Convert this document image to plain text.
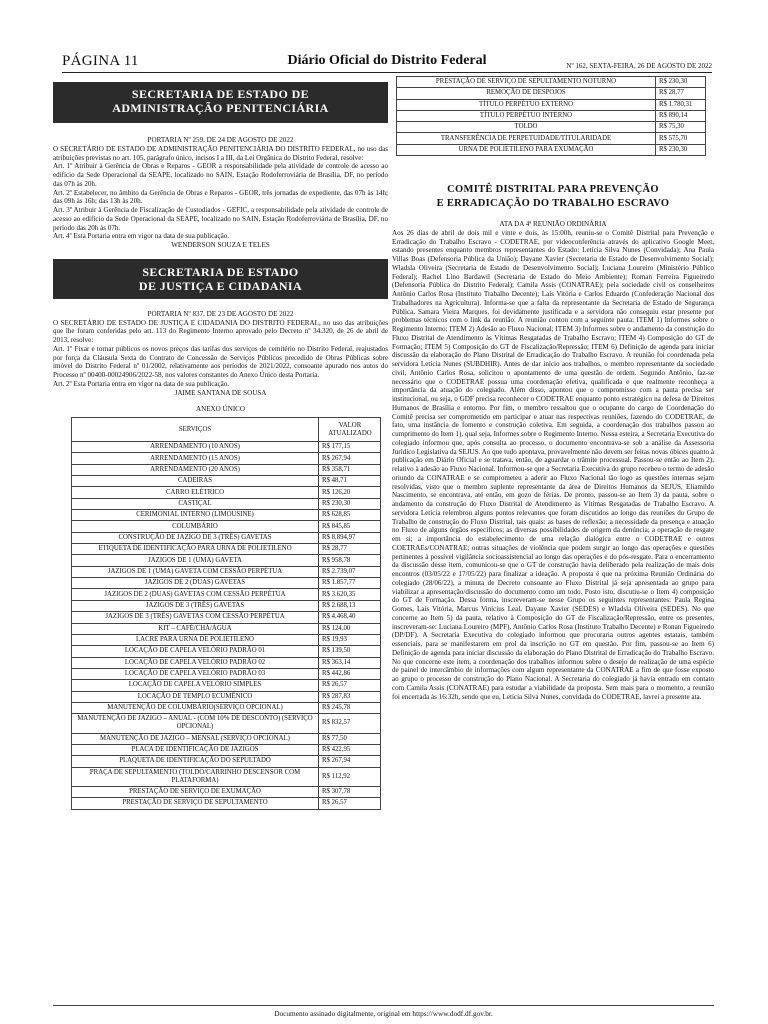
PÁGINA 11	Diário Oficial do Distrito Federal	Nº 162, SEXTA-FEIRA, 26 DE AGOSTO DE 2022
SECRETARIA DE ESTADO DE
ADMINISTRAÇÃO PENITENCIÁRIA

PORTARIA Nº 259, DE 24 DE AGOSTO DE 2022

O SECRETÁRIO DE ESTADO DE ADMINISTRAÇÃO PENITENCIÁRIA DO DISTRITO FEDERAL, no uso das atribuições previstas no art. 105, parágrafo único, incisos I a III, da Lei Orgânica do Distrito Federal, resolve:

Art. 1º Atribuir à Gerência de Obras e Reparos - GEOR a responsabilidade pela atividade de controle de acesso ao edifício da Sede Operacional da SEAPE, localizado no SAIN, Estação Rodoferroviária de Brasília, DF, no período das 07h às 20h.

Art. 2º Estabelecer, no âmbito da Gerência de Obras e Reparos - GEOR, três jornadas de expediente, das 07h às 14h; das 09h às 16h; das 13h às 20h.

Art. 3º Atribuir à Gerência de Fiscalização de Custodiados - GEFIC, a responsabilidade pela atividade de controle de acesso ao edifício da Sede Operacional da SEAPE, localizado no SAIN, Estação Rodoferroviária de Brasília, DF, no período das 20h às 07h.

Art. 4º Esta Portaria entra em vigor na data de sua publicação.

WENDERSON SOUZA E TELES

SECRETARIA DE ESTADO
DE JUSTIÇA E CIDADANIA

PORTARIA Nº 837, DE 23 DE AGOSTO DE 2022

O SECRETÁRIO DE ESTADO DE JUSTIÇA E CIDADANIA DO DISTRITO FEDERAL, no uso das atribuições que lhe foram conferidas pelo art. 113 do Regimento Interno aprovado pelo Decreto nº 34.320, de 26 de abril de 2013, resolve:

Art. 1º Fixar e tornar públicos os novos preços das tarifas dos serviços de cemitério no Distrito Federal, reajustados por força da Cláusula Sexta do Contrato de Concessão de Serviços Públicos precedido de Obras Públicas sobre imóvel do Distrito Federal nº 01/2002, relativamente aos períodos de 2021/2022, consoante apurado nos autos do Processo nº 00400-00024906/2022-58, nos valores constantes do Anexo Único desta Portaria.

Art. 2º Esta Portaria entra em vigor na data de sua publicação.

JAIME SANTANA DE SOUSA

ANEXO ÚNICO

SERVIÇOS	VALOR ATUALIZADO
ARRENDAMENTO (10 ANOS)	R$ 177,15
ARRENDAMENTO (15 ANOS)	R$ 267,94
ARRENDAMENTO (20 ANOS)	R$ 358,71
CADEIRAS	R$ 48,71
CARRO ELÉTRICO	R$ 126,20
CASTIÇAL	R$ 230,30
CERIMONIAL INTERNO (LIMOUSINE)	R$ 628,85
COLUMBÁRIO	R$ 845,85
CONSTRUÇÃO DE JAZIGO DE 3 (TRÊS) GAVETAS	R$ 8.894,97
ETIQUETA DE IDENTIFICAÇÃO PARA URNA DE POLIETILENO	R$ 28,77
JAZIGOS DE 1 (UMA) GAVETA	R$ 958,78
JAZIGOS DE 1 (UMA) GAVETA COM CESSÃO PERPÉTUA	R$ 2.739,07
JAZIGOS DE 2 (DUAS) GAVETAS	R$ 1.857,77
JAZIGOS DE 2 (DUAS) GAVETAS COM CESSÃO PERPÉTUA	R$ 3.620,35
JAZIGOS DE 3 (TRÊS) GAVETAS	R$ 2.688,13
JAZIGOS DE 3 (TRÊS) GAVETAS COM CESSÃO PERPÉTUA	R$ 4.468,40
KIT – CAFÉ/CHÁ/ÁGUA	R$ 124,00
LACRE PARA URNA DE POLIETILENO	R$ 19,93
LOCAÇÃO DE CAPELA VELÓRIO PADRÃO 01	R$ 139,50
LOCAÇÃO DE CAPELA VELÓRIO PADRÃO 02	R$ 363,14
LOCAÇÃO DE CAPELA VELÓRIO PADRÃO 03	R$ 442,86
LOCAÇÃO DE CAPELA VELÓRIO SIMPLES	R$ 26,57
LOCAÇÃO DE TEMPLO ECUMÊNICO	R$ 287,83
MANUTENÇÃO DE COLUMBÁRIO(SERVIÇO OPCIONAL)	R$ 245,78
MANUTENÇÃO DE JAZIGO – ANUAL - (COM 10% DE DESCONTO) (SERVIÇO OPCIONAL)	R$ 832,57
MANUTENÇÃO DE JAZIGO – MENSAL (SERVIÇO OPCIONAL)	R$ 77,50
PLACA DE IDENTIFICAÇÃO DE JAZIGOS	R$ 422,95
PLAQUETA DE IDENTIFICAÇÃO DO SEPULTADO	R$ 267,94
PRAÇA DE SEPULTAMENTO (TOLDO/CARRINHO DESCENSOR COM PLATAFORMA)	R$ 112,92
PRESTAÇÃO DE SERVIÇO DE EXUMAÇÃO	R$ 307,78
PRESTAÇÃO DE SERVIÇO DE SEPULTAMENTO	R$ 26,57
PRESTAÇÃO DE SERVIÇO DE SEPULTAMENTO NOTURNO	R$ 230,30
REMOÇÃO DE DESPOJOS	R$ 28,77
TÍTULO PERPÉTUO EXTERNO	R$ 1.780,31
TÍTULO PERPÉTUO INTERNO	R$ 890,14
TOLDO	R$ 75,30
TRANSFERÊNCIA DE PERPETUIDADE/TITULARIDADE	R$ 575,70
URNA DE POLIETILENO PARA EXUMAÇÃO	R$ 230,30
COMITÊ DISTRITAL PARA PREVENÇÃO
E ERRADICAÇÃO DO TRABALHO ESCRAVO

ATA DA 4ª REUNIÃO ORDINÁRIA

Aos 26 dias de abril de dois mil e vinte e dois, às 15:00h, reuniu-se o Comitê Distrital para Prevenção e Erradicação do Trabalho Escravo - CODETRAE, por videoconferência através do aplicativo Google Meet, estando presentes enquanto membros representantes do Estado: Letícia Silva Nunes (Convidada); Ana Paula Villas Boas (Defensoria Pública da União); Dayane Xavier (Secretaria de Estado de Desenvolvimento Social); Wladsla Oliveira (Secretaria de Estado de Desenvolvimento Social); Luciana Loureiro (Ministério Público Federal); Rachel Lino Bardawil (Secretaria de Estado do Meio Ambiente); Roman Ferreira Figueiredo (Defensoria Pública do Distrito Federal); Camila Assis (CONATRAE); pela sociedade civil os conselheiros Antônio Carlos Rosa (Instituto Trabalho Decente); Laís Vitória e Carlos Eduardo (Confederação Nacional dos Trabalhadores na Agricultura). Informa-se que a falta da representante da Secretaria de Estado de Segurança Pública, Samara Vieira Marques, foi devidamente justificada e a servidora não conseguiu estar presente por problemas técnicos com o link da reunião. A reunião contou com a seguinte pauta: ITEM 1) Informes sobre o Regimento Interno; ITEM 2) Adesão ao Fluxo Nacional; ITEM 3) Informes sobre o andamento da construção do Fluxo Distrital de Atendimento às Vítimas Resgatadas de Trabalho Escravo; ITEM 4) Composição do GT de Formação; ITEM 5) Composição do GT de Fiscalização/Repressão; ITEM 6) Definição de agenda para iniciar discussão da elaboração do Plano Distrital de Erradicação do Trabalho Escravo. A reunião foi coordenada pela servidora Letícia Nunes (SUBDHIR). Antes de dar início aos trabalhos, o membro representante da sociedade civil, Antônio Carlos Rosa, solicitou o apontamento de uma questão de ordem. Segundo Antônio, faz-se necessário que o CODETRAE possua uma coordenação efetiva, qualificada e que realmente reconheça a importância da atuação do colegiado. Além disso, apontou que o compromisso com a pauta precisa ser institucional, ou seja, o GDF precisa reconhecer o CODETRAE enquanto ponto estratégico na defesa de Direitos Humanos de Brasília e entorno. Por fim, o membro ressaltou que o ocupante do cargo de Coordenação do Comitê precisa ser comprometido em participar e atuar nas respectivas reuniões, fazendo do CODETRAE, de fato, uma instância de fomento e construção coletiva. Em seguida, a coordenação dos trabalhos passou ao cumprimento do Item 1), qual seja, Informes sobre o Regimento Interno. Nessa esteira, a Secretaria Executiva do colegiado informou que, após consulta ao processo, o documento encontrava-se sob a análise da Assessoria Jurídico Legislativa da SEJUS. Ao que tudo apontava, provavelmente não devem ser feitas novas óbices quanto à publicação em Diário Oficial e se tratava, então, de aguardar o trâmite processual. Passou-se então ao Item 2), relativo à adesão ao Fluxo Nacional. Informou-se que a Secretaria Executiva do grupo recebeu o termo de adesão oriundo da CONATRAE e se comprometeu a aderir ao Fluxo Nacional tão logo as questões internas sejam resolvidas, visto que o membro suplente representante da área de Direitos Humanos da SEJUS, Eliamildo Nascimento, se encontrava, até então, em gozo de férias. De pronto, passou-se ao Item 3) da pauta, sobre o andamento da construção do Fluxo Distrital de Atendimento às Vítimas Resgatadas de Trabalho Escravo. A servidora Letícia relembrou alguns pontos relevantes que foram discutidos ao longo das reuniões do Grupo de Trabalho de construção do Fluxo Distrital, tais quais: as bases de reflexão; a necessidade da presença e atuação no Fluxo de alguns órgãos específicos; as diversas possibilidades de origem da denúncia; a operação de resgate em si; a importância do estabelecimento de uma relação dialógica entre o CODETRAE e outros COETRAEs/CONATRAE; outras situações de violência que podem surgir ao longo das operações e questões pertinentes à possível vigilância socioassistencial ao longo das operações e do pós-resgate. Para o encerramento da discussão desse item, comunicou-se que o GT de construção havia deliberado pela realização de mais dois encontros (03/05/22 e 17/05/22) para finalizar a ideação. A proposta é que na próxima Reunião Ordinária do colegiado (28/06/22), a minuta de Decreto consoante ao Fluxo Distrital já seja apresentada ao grupo para viabilizar a apresentação/discussão do documento como um todo. Posto isto, discutiu-se o Item 4) composição do GT de Formação. Dessa forma, inscreveram-se nesse Grupo os seguintes representantes: Paula Regina Gomes, Laís Vitória, Marcus Vinícius Leal, Dayane Xavier (SEDES) e Wladsla Oliveira (SEDES). No que concerne ao Item 5) da pauta, relativo à Composição do GT de Fiscalização/Repressão, entre os presentes, inscreveram-se: Luciana Loureiro (MPF), Antônio Carlos Rosa (Instituto Trabalho Decente) e Ronan Figueiredo (DP/DF). A Secretaria Executiva do colegiado informou que procuraria outros agentes estatais, também essenciais, para se manifestarem em prol da inscrição no GT em questão. Por fim, passou-se ao Item 6) Definição de agenda para iniciar discussão da elaboração do Plano Distrital de Erradicação do Trabalho Escravo. No que concerne este item, a coordenação dos trabalhos informou sobre o desejo de realização de uma espécie de painel de intercâmbio de informações com algum representante da CONATRAE a fim de que fosse exposto ao grupo o processo de construção do Plano Nacional. A Secretaria do colegiado já havia entrado em contato com Camila Assis (CONATRAE) para estudar a viabilidade da proposta. Sem mais para o momento, a reunião foi encerrada às 16:32h, sendo que eu, Letícia Silva Nunes, convidada do CODETRAE, lavrei a presente ata.

Documento assinado digitalmente, original em https://www.dodf.df.gov.br.
